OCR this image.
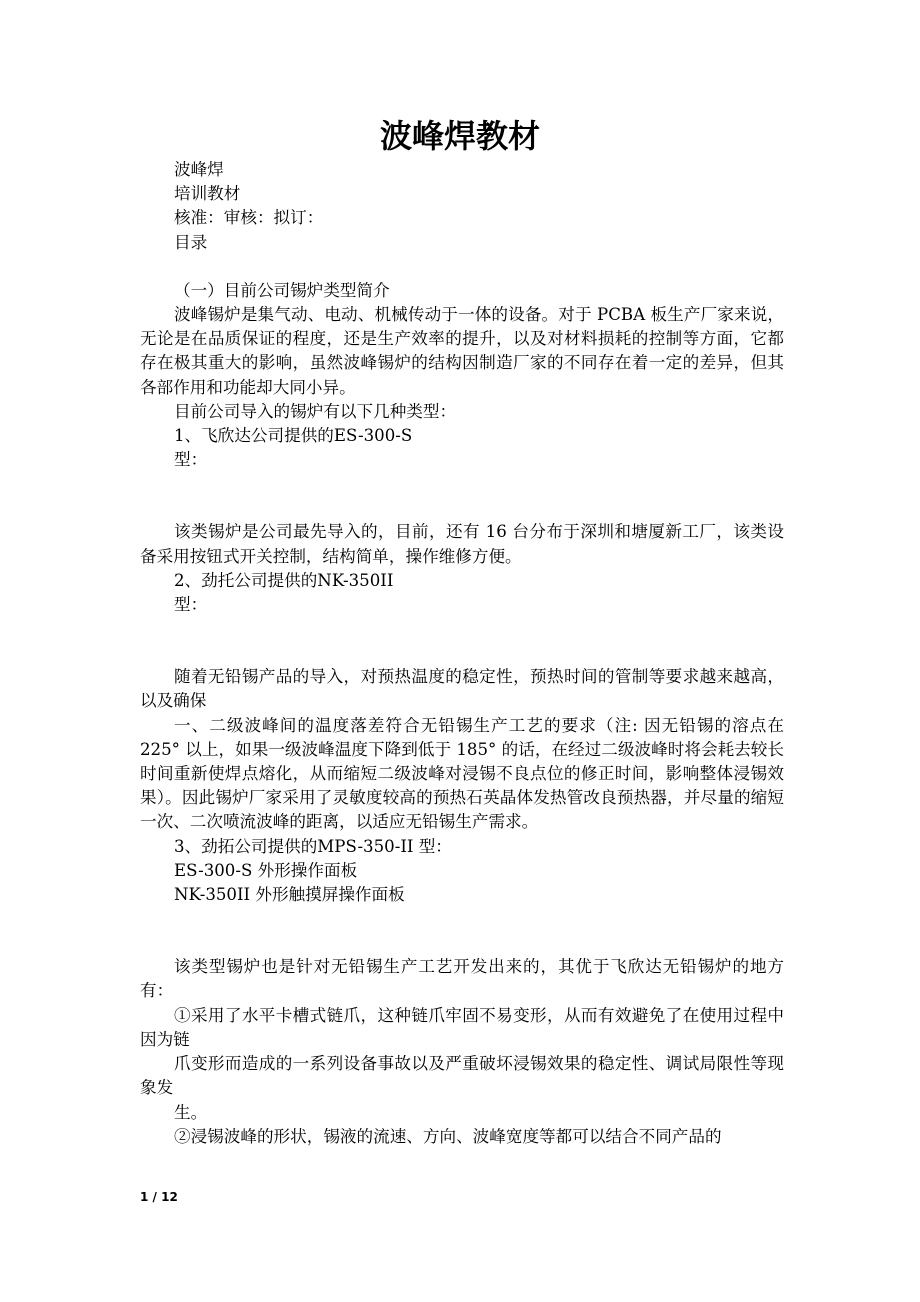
波峰焊教材

波峰焊

培训教材

核准：审核：拟订：

目录

（一）目前公司锡炉类型简介

波峰锡炉是集气动、电动、机械传动于一体的设备。对于 PCBA 板生产厂家来说，无论是在品质保证的程度，还是生产效率的提升，以及对材料损耗的控制等方面，它都存在极其重大的影响，虽然波峰锡炉的结构因制造厂家的不同存在着一定的差异，但其各部作用和功能却大同小异。

目前公司导入的锡炉有以下几种类型：

1、飞欣达公司提供的ES-300-S

型：

该类锡炉是公司最先导入的，目前，还有 16 台分布于深圳和塘厦新工厂，该类设备采用按钮式开关控制，结构简单，操作维修方便。

2、劲托公司提供的NK-350II

型：

随着无铅锡产品的导入，对预热温度的稳定性，预热时间的管制等要求越来越高，以及确保

一、二级波峰间的温度落差符合无铅锡生产工艺的要求（注: 因无铅锡的溶点在 225° 以上，如果一级波峰温度下降到低于 185° 的话，在经过二级波峰时将会耗去较长时间重新使焊点熔化，从而缩短二级波峰对浸锡不良点位的修正时间，影响整体浸锡效果）。因此锡炉厂家采用了灵敏度较高的预热石英晶体发热管改良预热器，并尽量的缩短一次、二次喷流波峰的距离，以适应无铅锡生产需求。

3、劲拓公司提供的MPS-350-II 型：

ES-300-S 外形操作面板

NK-350II 外形触摸屏操作面板

该类型锡炉也是针对无铅锡生产工艺开发出来的，其优于飞欣达无铅锡炉的地方有：

①采用了水平卡槽式链爪，这种链爪牢固不易变形，从而有效避免了在使用过程中因为链

爪变形而造成的一系列设备事故以及严重破坏浸锡效果的稳定性、调试局限性等现象发

生。

②浸锡波峰的形状，锡液的流速、方向、波峰宽度等都可以结合不同产品的

1 / 12
